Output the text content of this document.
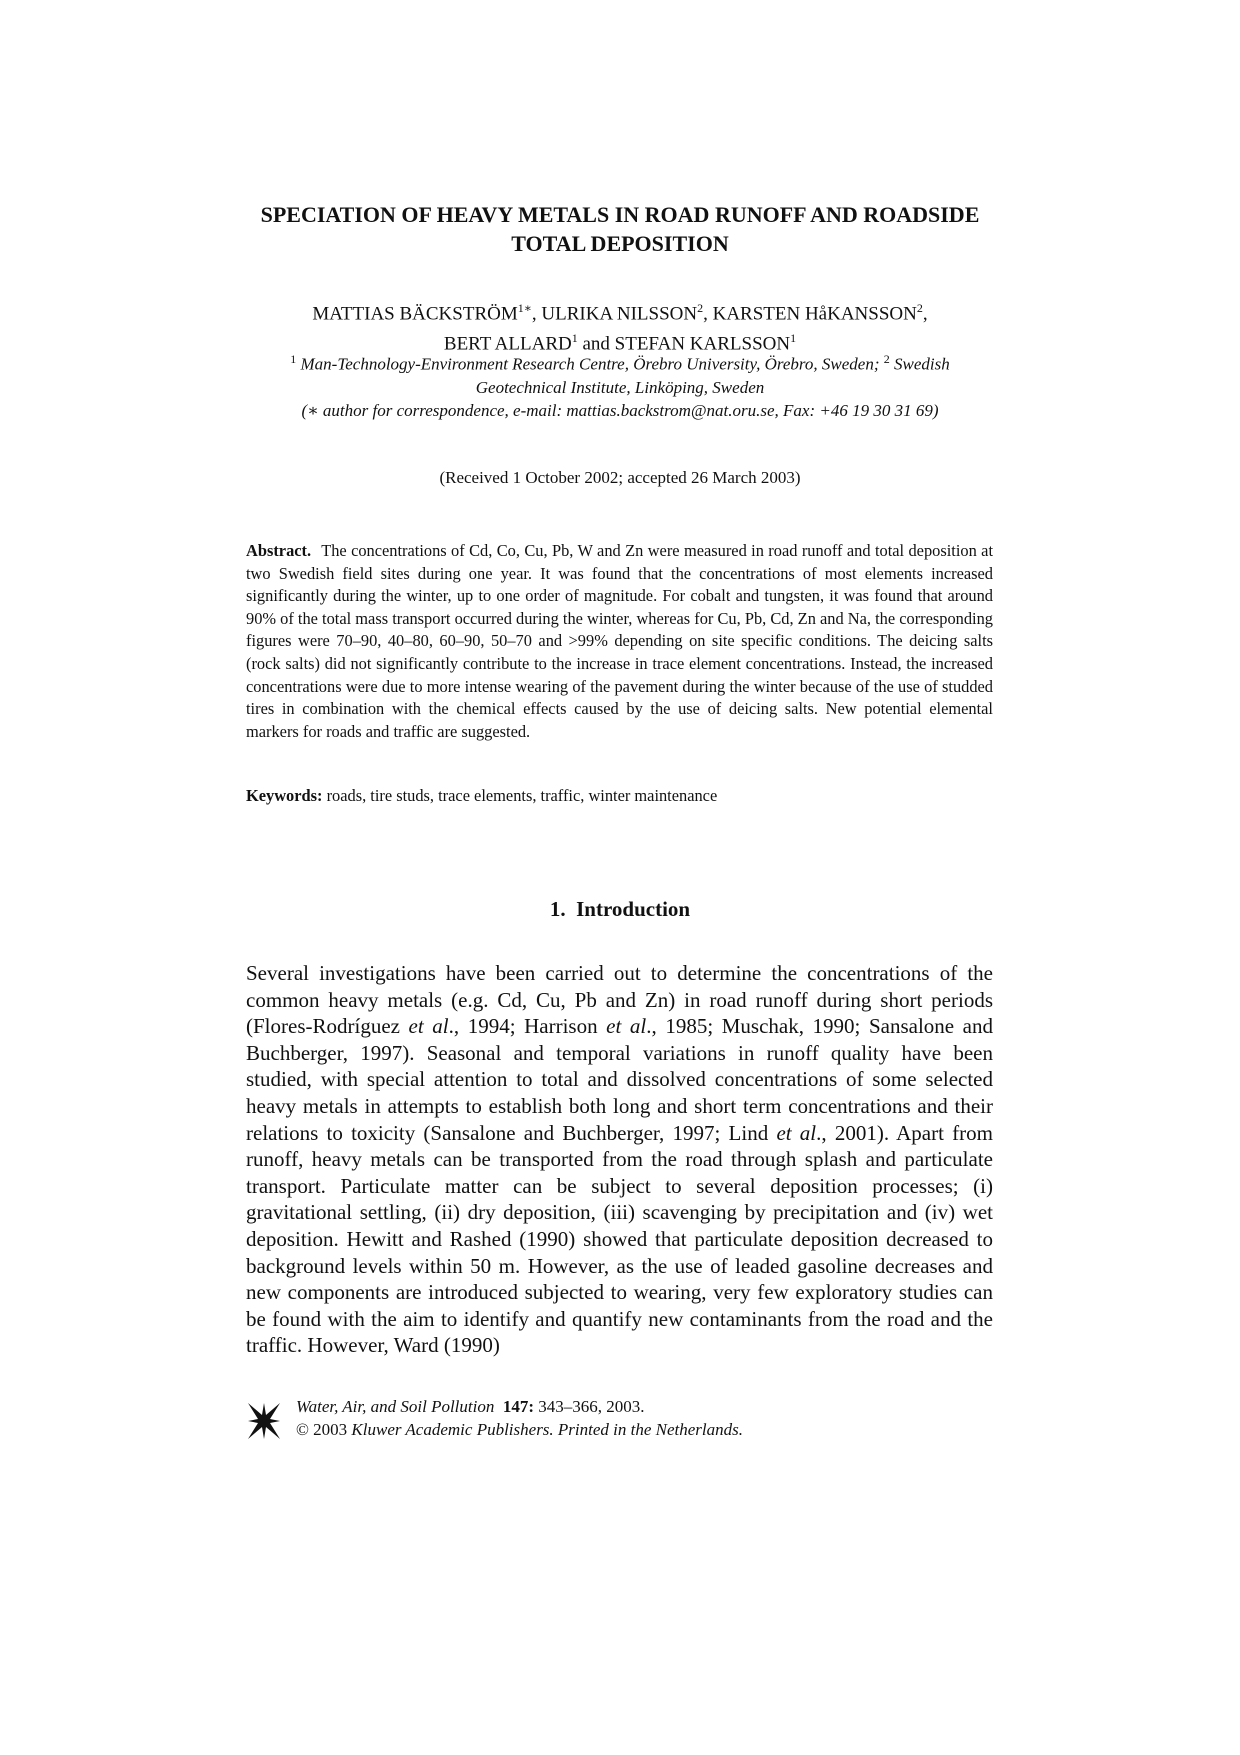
SPECIATION OF HEAVY METALS IN ROAD RUNOFF AND ROADSIDE
TOTAL DEPOSITION
MATTIAS $BÄCKSTRÖM^{1∗}$, ULRIKA NILSSON$^2$, KARSTEN HåKANSSON$^2$,
BERT ALLARD$^1$ and STEFAN KARLSSON$^1$
$^1$ Man-Technology-Environment Research Centre, Örebro University, Örebro, Sweden; $^2$ Swedish
Geotechnical Institute, Linköping, Sweden
(∗ author for correspondence, e-mail: mattias.backstrom@nat.oru.se, Fax: +46 19 30 31 69)
(Received 1 October 2002; accepted 26 March 2003)
Abstract. The concentrations of Cd, Co, Cu, Pb, W and Zn were measured in road runoff and total deposition at two Swedish field sites during one year. It was found that the concentrations of most elements increased significantly during the winter, up to one order of magnitude. For cobalt and tungsten, it was found that around 90% of the total mass transport occurred during the winter, whereas for Cu, Pb, Cd, Zn and Na, the corresponding figures were 70–90, 40–80, 60–90, 50–70 and >99% depending on site specific conditions. The deicing salts (rock salts) did not significantly contribute to the increase in trace element concentrations. Instead, the increased concentrations were due to more intense wearing of the pavement during the winter because of the use of studded tires in combination with the chemical effects caused by the use of deicing salts. New potential elemental markers for roads and traffic are suggested.
Keywords: roads, tire studs, trace elements, traffic, winter maintenance
1. Introduction
Several investigations have been carried out to determine the concentrations of the common heavy metals (e.g. Cd, Cu, Pb and Zn) in road runoff during short periods (Flores-Rodríguez et al., 1994; Harrison et al., 1985; Muschak, 1990; Sansalone and Buchberger, 1997). Seasonal and temporal variations in runoff quality have been studied, with special attention to total and dissolved concentrations of some selected heavy metals in attempts to establish both long and short term concentrations and their relations to toxicity (Sansalone and Buchberger, 1997; Lind et al., 2001). Apart from runoff, heavy metals can be transported from the road through splash and particulate transport. Particulate matter can be subject to several deposition processes; (i) gravitational settling, (ii) dry deposition, (iii) scavenging by precipitation and (iv) wet deposition. Hewitt and Rashed (1990) showed that particulate deposition decreased to background levels within 50 m. However, as the use of leaded gasoline decreases and new components are introduced subjected to wearing, very few exploratory studies can be found with the aim to identify and quantify new contaminants from the road and the traffic. However, Ward (1990)
Water, Air, and Soil Pollution 147: 343–366, 2003.
© 2003 Kluwer Academic Publishers. Printed in the Netherlands.
